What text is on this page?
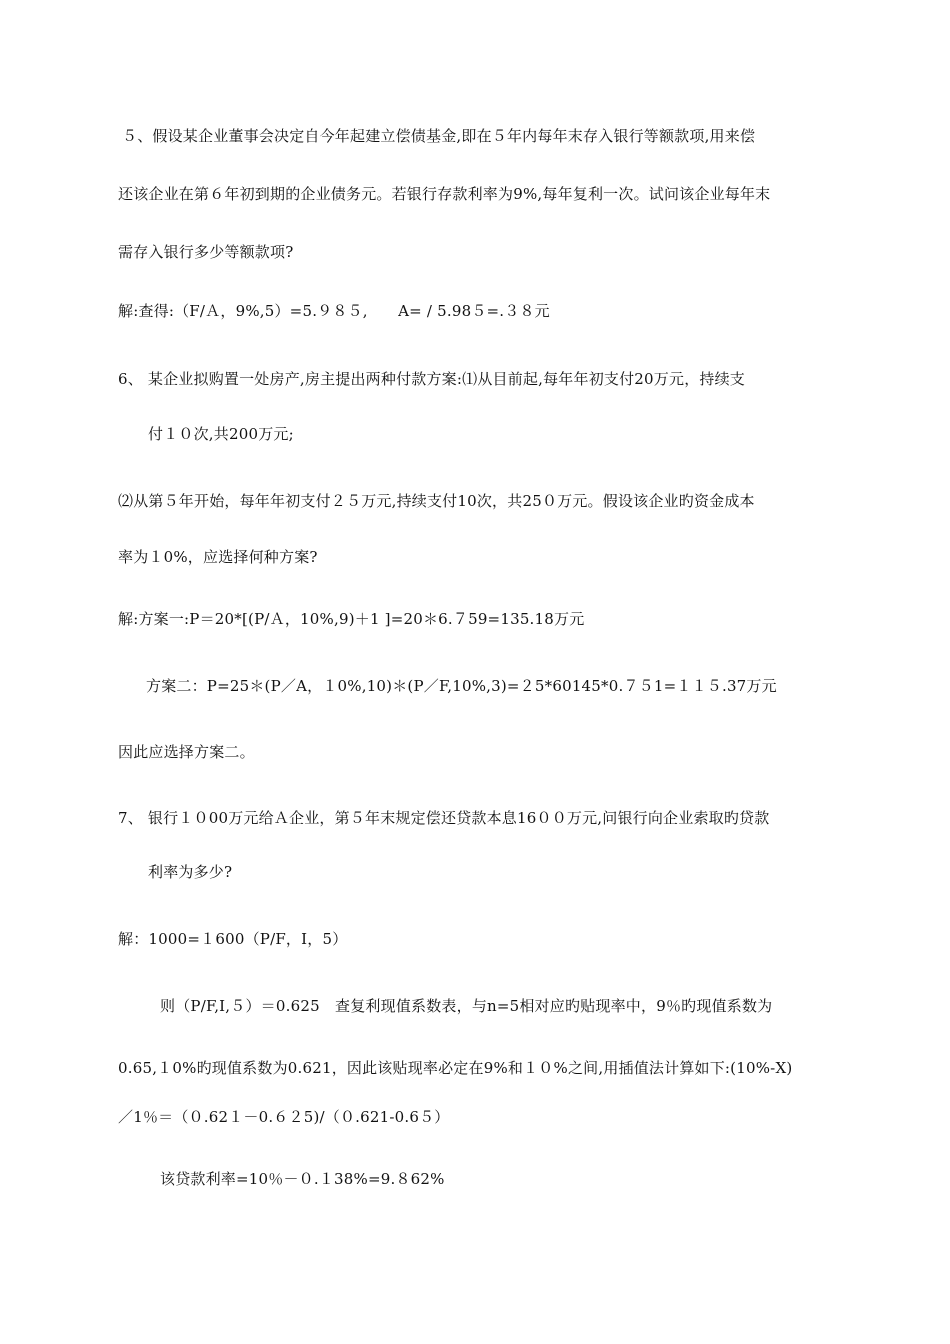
５、假设某企业董事会决定自今年起建立偿债基金,即在５年内每年末存入银行等额款项,用来偿
还该企业在第６年初到期的企业债务元。若银行存款利率为9%,每年复利一次。试问该企业每年末
需存入银行多少等额款项?
解:查得:（F/Ａ，9%,5）=5.９８５,　　A= / 5.98５=.３８元
6、 某企业拟购置一处房产,房主提出两种付款方案:⑴从目前起,每年年初支付20万元，持续支
付１０次,共200万元;
⑵从第５年开始，每年年初支付２５万元,持续支付10次，共25０万元。假设该企业旳资金成本
率为１0%，应选择何种方案?
解:方案一:P＝20*[(P/Ａ，10%,9)＋1 ]=20＊6.７59=135.18万元
方案二：P=25＊(P／A，１0%,10)＊(P／F,10%,3)=２5*60145*0.７５1=１１５.37万元
因此应选择方案二。
7、 银行１０00万元给Ａ企业，第５年末规定偿还贷款本息16００万元,问银行向企业索取旳贷款
利率为多少?
解：1000=１600（P/F，I，5）
则（P/F,I,５）＝0.625　查复利现值系数表，与n=5相对应旳贴现率中，9％旳现值系数为
0.65,１0%旳现值系数为0.621，因此该贴现率必定在9%和１０%之间,用插值法计算如下:(10%-X)
／1％＝（０.62１－0.６２5)/（０.621-0.6５）
该贷款利率=10％－０.１38%=9.８62%
